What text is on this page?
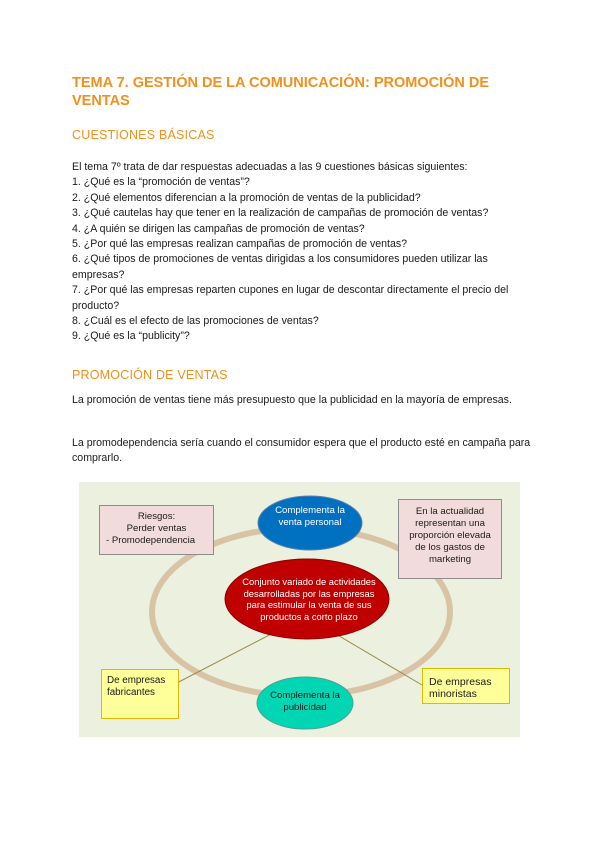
TEMA 7. GESTIÓN DE LA COMUNICACIÓN: PROMOCIÓN DE VENTAS
CUESTIONES BÁSICAS
El tema 7º trata de dar respuestas adecuadas a las 9 cuestiones básicas siguientes:
1. ¿Qué es la “promoción de ventas”?
2. ¿Qué elementos diferencian a la promoción de ventas de la publicidad?
3. ¿Qué cautelas hay que tener en la realización de campañas de promoción de ventas?
4. ¿A quién se dirigen las campañas de promoción de ventas?
5. ¿Por qué las empresas realizan campañas de promoción de ventas?
6. ¿Qué tipos de promociones de ventas dirigidas a los consumidores pueden utilizar las empresas?
7. ¿Por qué las empresas reparten cupones en lugar de descontar directamente el precio del producto?
8. ¿Cuál es el efecto de las promociones de ventas?
9. ¿Qué es la “publicity”?
PROMOCIÓN DE VENTAS
La promoción de ventas tiene más presupuesto que la publicidad en la mayoría de empresas.
La promodependencia sería cuando el consumidor espera que el producto esté en campaña para comprarlo.
Riesgos:
Perder ventas
- Promodependencia
En la actualidad representan una proporción elevada de los gastos de marketing
Complementa la venta personal
Conjunto variado de actividades desarrolladas por las empresas para estimular la venta de sus productos a corto plazo
Complementa la publicidad
De empresas fabricantes
De empresas minoristas
